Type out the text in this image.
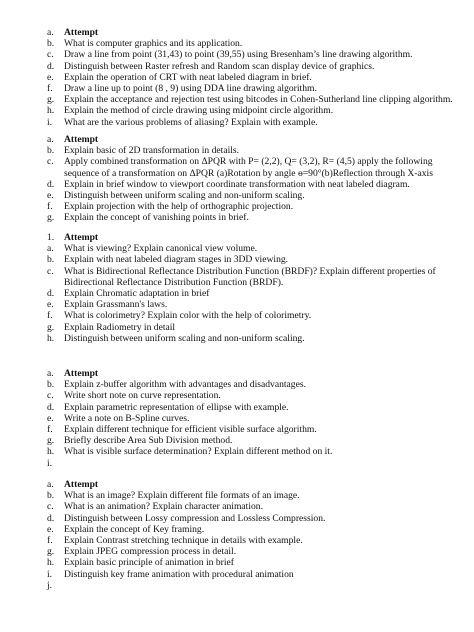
a. Attempt
b. What is computer graphics and its application.
c. Draw a line from point (31,43) to point (39,55) using Bresenham’s line drawing algorithm.
d. Distinguish between Raster refresh and Random scan display device of graphics.
e. Explain the operation of CRT with neat labeled diagram in brief.
f. Draw a line up to point (8 , 9) using DDA line drawing algorithm.
g. Explain the acceptance and rejection test using bitcodes in Cohen-Sutherland line clipping algorithm.
h. Explain the method of circle drawing using midpoint circle algorithm.
i. What are the various problems of aliasing? Explain with example.
a. Attempt
b. Explain basic of 2D transformation in details.
c. Apply combined transformation on ΔPQR with P= (2,2), Q= (3,2), R= (4,5) apply the following sequence of a transformation on ΔPQR (a)Rotation by angle ɵ=90°(b)Reflection through X-axis
d. Explain in brief window to viewport coordinate transformation with neat labeled diagram.
e. Distinguish between uniform scaling and non-uniform scaling.
f. Explain projection with the help of orthographic projection.
g. Explain the concept of vanishing points in brief.
1. Attempt
a. What is viewing? Explain canonical view volume.
b. Explain with neat labeled diagram stages in 3DD viewing.
c. What is Bidirectional Reflectance Distribution Function (BRDF)? Explain different properties of Bidirectional Reflectance Distribution Function (BRDF).
d. Explain Chromatic adaptation in brief
e. Explain Grassmann's laws.
f. What is colorimetry? Explain color with the help of colorimetry.
g. Explain Radiometry in detail
h. Distinguish between uniform scaling and non-uniform scaling.
a. Attempt
b. Explain z-buffer algorithm with advantages and disadvantages.
c. Write short note on curve representation.
d. Explain parametric representation of ellipse with example.
e. Write a note on B-Spline curves.
f. Explain different technique for efficient visible surface algorithm.
g. Briefly describe Area Sub Division method.
h. What is visible surface determination? Explain different method on it.
i.
a. Attempt
b. What is an image? Explain different file formats of an image.
c. What is an animation? Explain character animation.
d. Distinguish between Lossy compression and Lossless Compression.
e. Explain the concept of Key framing.
f. Explain Contrast stretching technique in details with example.
g. Explain JPEG compression process in detail.
h. Explain basic principle of animation in brief
i. Distinguish key frame animation with procedural animation
j.
